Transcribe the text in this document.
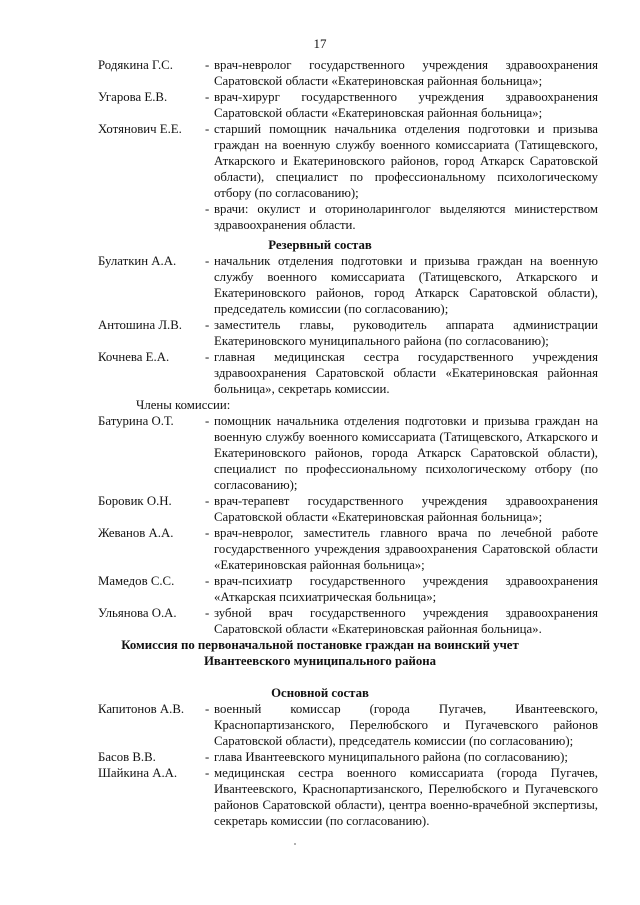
17
Родякина Г.С.	- врач-невролог государственного учреждения здравоохранения Саратовской области «Екатериновская районная больница»;
Угарова Е.В.	- врач-хирург государственного учреждения здравоохранения Саратовской области «Екатериновская районная больница»;
Хотянович Е.Е.	- старший помощник начальника отделения подготовки и призыва граждан на военную службу военного комиссариата (Татищевского, Аткарского и Екатериновского районов, город Аткарск Саратовской области), специалист по профессиональному психологическому отбору (по согласованию);
- врачи: окулист и оториноларинголог выделяются министерством здравоохранения области.
Резервный состав
Булаткин А.А.	- начальник отделения подготовки и призыва граждан на военную службу военного комиссариата (Татищевского, Аткарского и Екатериновского районов, город Аткарск Саратовской области), председатель комиссии (по согласованию);
Антошина Л.В.	- заместитель главы, руководитель аппарата администрации Екатериновского муниципального района (по согласованию);
Кочнева Е.А.	- главная медицинская сестра государственного учреждения здравоохранения Саратовской области «Екатериновская районная больница», секретарь комиссии.
Члены комиссии:
Батурина О.Т.	- помощник начальника отделения подготовки и призыва граждан на военную службу военного комиссариата (Татищевского, Аткарского и Екатериновского районов, города Аткарск Саратовской области), специалист по профессиональному психологическому отбору (по согласованию);
Боровик О.Н.	- врач-терапевт государственного учреждения здравоохранения Саратовской области «Екатериновская районная больница»;
Жеванов А.А.	- врач-невролог, заместитель главного врача по лечебной работе государственного учреждения здравоохранения Саратовской области «Екатериновская районная больница»;
Мамедов С.С.	- врач-психиатр государственного учреждения здравоохранения «Аткарская психиатрическая больница»;
Ульянова О.А.	- зубной врач государственного учреждения здравоохранения Саратовской области «Екатериновская районная больница».
Комиссия по первоначальной постановке граждан на воинский учет
Ивантеевского муниципального района
Основной состав
Капитонов А.В. - военный комиссар (города Пугачев, Ивантеевского, Краснопартизанского, Перелюбского и Пугачевского районов Саратовской области), председатель комиссии (по согласованию);
Басов В.В.	- глава Ивантеевского муниципального района (по согласованию);
Шайкина А.А.	- медицинская сестра военного комиссариата (города Пугачев, Ивантеевского, Краснопартизанского, Перелюбского и Пугачевского районов Саратовской области), центра военно-врачебной экспертизы, секретарь комиссии (по согласованию).
